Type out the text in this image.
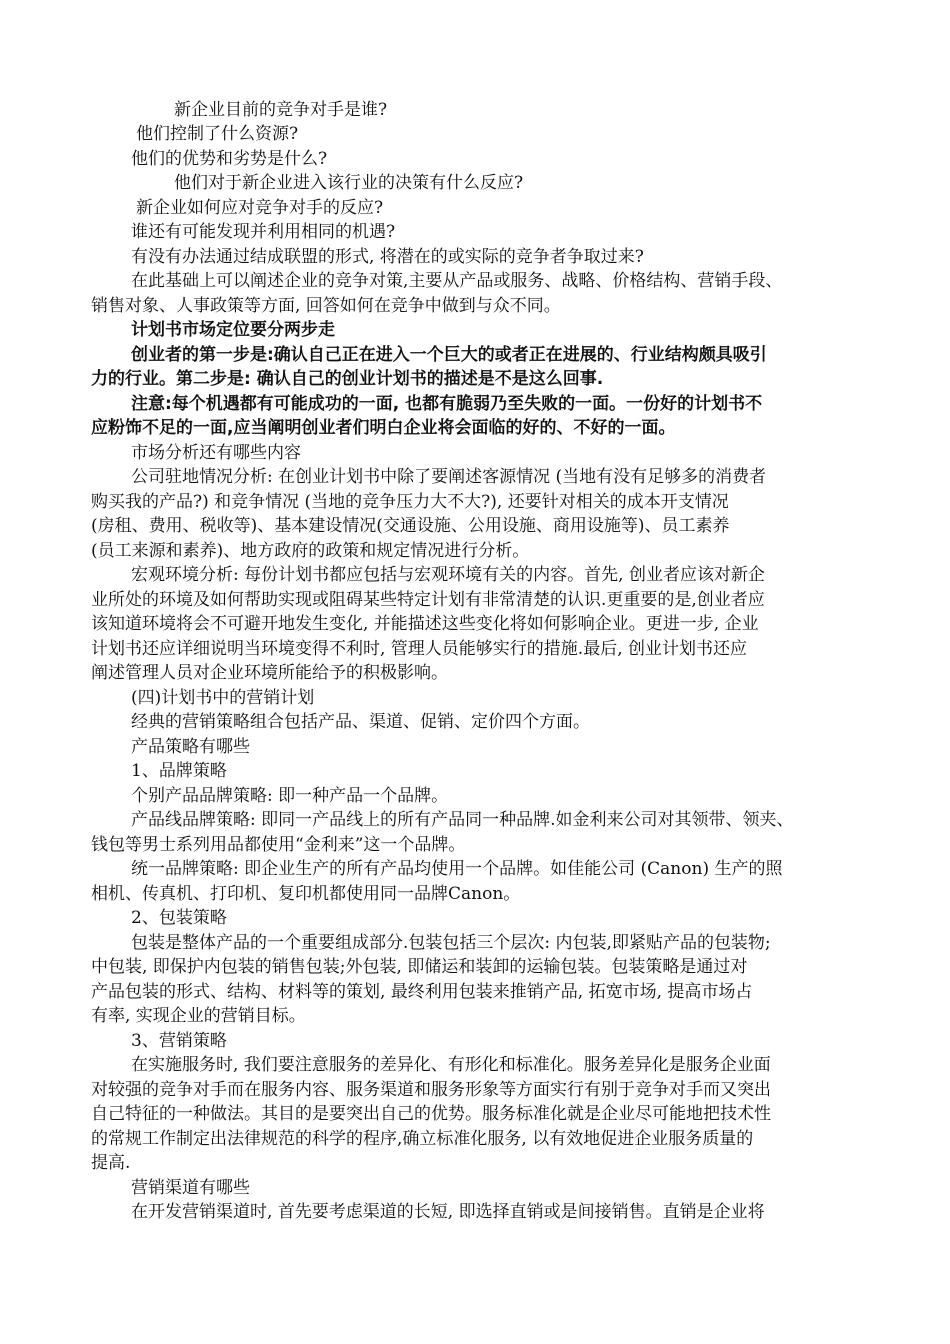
新企业目前的竞争对手是谁?
他们控制了什么资源?
他们的优势和劣势是什么?
他们对于新企业进入该行业的决策有什么反应?
新企业如何应对竞争对手的反应?
谁还有可能发现并利用相同的机遇?
有没有办法通过结成联盟的形式, 将潜在的或实际的竞争者争取过来?
在此基础上可以阐述企业的竞争对策,主要从产品或服务、战略、价格结构、营销手段、
销售对象、人事政策等方面, 回答如何在竞争中做到与众不同。
计划书市场定位要分两步走
创业者的第一步是:确认自己正在进入一个巨大的或者正在进展的、行业结构颇具吸引
力的行业。第二步是: 确认自己的创业计划书的描述是不是这么回事.
注意:每个机遇都有可能成功的一面, 也都有脆弱乃至失败的一面。一份好的计划书不
应粉饰不足的一面,应当阐明创业者们明白企业将会面临的好的、不好的一面。
市场分析还有哪些内容
公司驻地情况分析: 在创业计划书中除了要阐述客源情况 (当地有没有足够多的消费者
购买我的产品?) 和竞争情况 (当地的竞争压力大不大?), 还要针对相关的成本开支情况
(房租、费用、税收等)、基本建设情况(交通设施、公用设施、商用设施等)、员工素养
(员工来源和素养)、地方政府的政策和规定情况进行分析。
宏观环境分析: 每份计划书都应包括与宏观环境有关的内容。首先, 创业者应该对新企
业所处的环境及如何帮助实现或阻碍某些特定计划有非常清楚的认识.更重要的是,创业者应
该知道环境将会不可避开地发生变化, 并能描述这些变化将如何影响企业。更进一步, 企业
计划书还应详细说明当环境变得不利时, 管理人员能够实行的措施.最后, 创业计划书还应
阐述管理人员对企业环境所能给予的积极影响。
(四)计划书中的营销计划
经典的营销策略组合包括产品、渠道、促销、定价四个方面。
产品策略有哪些
1、品牌策略
个别产品品牌策略: 即一种产品一个品牌。
产品线品牌策略: 即同一产品线上的所有产品同一种品牌.如金利来公司对其领带、领夹、
钱包等男士系列用品都使用“金利来”这一个品牌。
统一品牌策略: 即企业生产的所有产品均使用一个品牌。如佳能公司 (Canon) 生产的照
相机、传真机、打印机、复印机都使用同一品牌Canon。
2、包装策略
包装是整体产品的一个重要组成部分.包装包括三个层次: 内包装,即紧贴产品的包装物;
中包装, 即保护内包装的销售包装;外包装, 即储运和装卸的运输包装。包装策略是通过对
产品包装的形式、结构、材料等的策划, 最终利用包装来推销产品, 拓宽市场, 提高市场占
有率, 实现企业的营销目标。
3、营销策略
在实施服务时, 我们要注意服务的差异化、有形化和标准化。服务差异化是服务企业面
对较强的竞争对手而在服务内容、服务渠道和服务形象等方面实行有别于竞争对手而又突出
自己特征的一种做法。其目的是要突出自己的优势。服务标准化就是企业尽可能地把技术性
的常规工作制定出法律规范的科学的程序,确立标准化服务, 以有效地促进企业服务质量的
提高.
营销渠道有哪些
在开发营销渠道时, 首先要考虑渠道的长短, 即选择直销或是间接销售。直销是企业将
